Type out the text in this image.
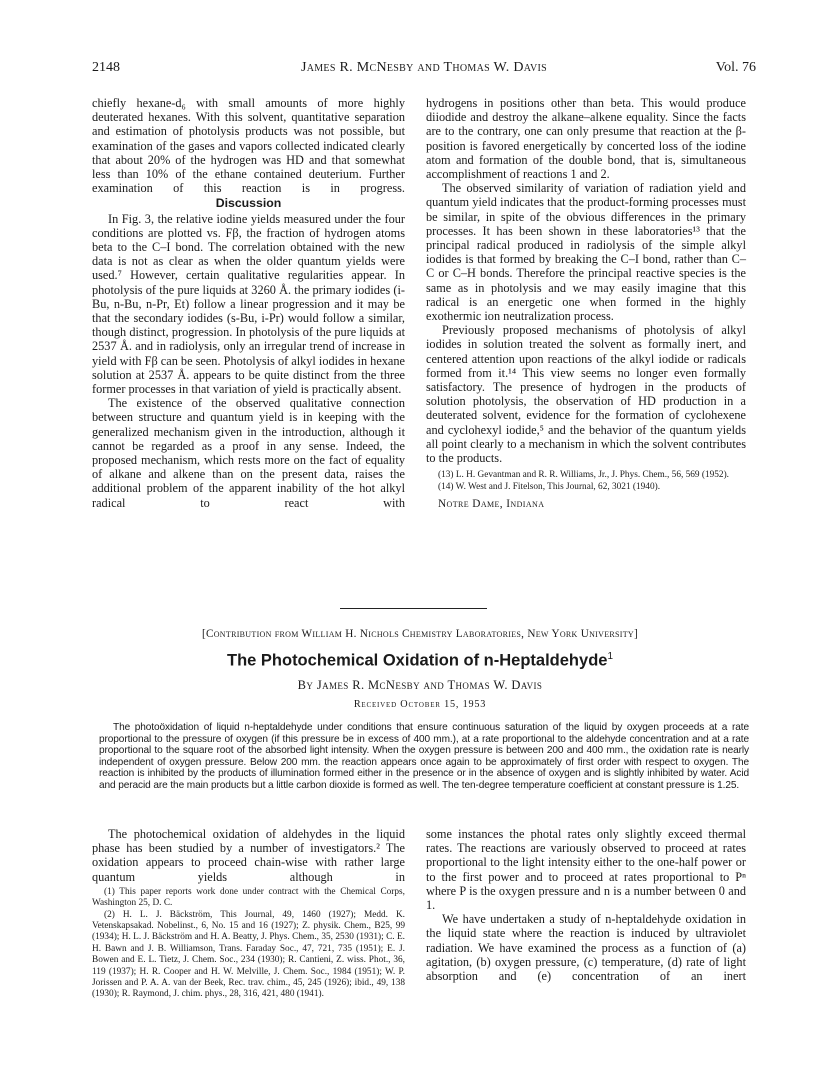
2148	James R. McNesby and Thomas W. Davis	Vol. 76

chiefly hexane-d₆ with small amounts of more highly deuterated hexanes. With this solvent, quantitative separation and estimation of photolysis products was not possible, but examination of the gases and vapors collected indicated clearly that about 20% of the hydrogen was HD and that somewhat less than 10% of the ethane contained deuterium. Further examination of this reaction is in progress.

Discussion

In Fig. 3, the relative iodine yields measured under the four conditions are plotted vs. Fβ, the fraction of hydrogen atoms beta to the C–I bond. The correlation obtained with the new data is not as clear as when the older quantum yields were used.⁷ However, certain qualitative regularities appear. In photolysis of the pure liquids at 3260 Å. the primary iodides (i-Bu, n-Bu, n-Pr, Et) follow a linear progression and it may be that the secondary iodides (s-Bu, i-Pr) would follow a similar, though distinct, progression. In photolysis of the pure liquids at 2537 Å. and in radiolysis, only an irregular trend of increase in yield with Fβ can be seen. Photolysis of alkyl iodides in hexane solution at 2537 Å. appears to be quite distinct from the three former processes in that variation of yield is practically absent.

The existence of the observed qualitative connection between structure and quantum yield is in keeping with the generalized mechanism given in the introduction, although it cannot be regarded as a proof in any sense. Indeed, the proposed mechanism, which rests more on the fact of equality of alkane and alkene than on the present data, raises the additional problem of the apparent inability of the hot alkyl radical to react with

hydrogens in positions other than beta. This would produce diiodide and destroy the alkane–alkene equality. Since the facts are to the contrary, one can only presume that reaction at the β-position is favored energetically by concerted loss of the iodine atom and formation of the double bond, that is, simultaneous accomplishment of reactions 1 and 2.

The observed similarity of variation of radiation yield and quantum yield indicates that the product-forming processes must be similar, in spite of the obvious differences in the primary processes. It has been shown in these laboratories¹³ that the principal radical produced in radiolysis of the simple alkyl iodides is that formed by breaking the C–I bond, rather than C–C or C–H bonds. Therefore the principal reactive species is the same as in photolysis and we may easily imagine that this radical is an energetic one when formed in the highly exothermic ion neutralization process.

Previously proposed mechanisms of photolysis of alkyl iodides in solution treated the solvent as formally inert, and centered attention upon reactions of the alkyl iodide or radicals formed from it.¹⁴ This view seems no longer even formally satisfactory. The presence of hydrogen in the products of solution photolysis, the observation of HD production in a deuterated solvent, evidence for the formation of cyclohexene and cyclohexyl iodide,⁵ and the behavior of the quantum yields all point clearly to a mechanism in which the solvent contributes to the products.

(13) L. H. Gevantman and R. R. Williams, Jr., J. Phys. Chem., 56, 569 (1952).

(14) W. West and J. Fitelson, This Journal, 62, 3021 (1940).

Notre Dame, Indiana

[Contribution from William H. Nichols Chemistry Laboratories, New York University]
The Photochemical Oxidation of n-Heptaldehyde$^1$
By James R. McNesby and Thomas W. Davis
Received October 15, 1953

The photoöxidation of liquid n-heptaldehyde under conditions that ensure continuous saturation of the liquid by oxygen proceeds at a rate proportional to the pressure of oxygen (if this pressure be in excess of 400 mm.), at a rate proportional to the aldehyde concentration and at a rate proportional to the square root of the absorbed light intensity. When the oxygen pressure is between 200 and 400 mm., the oxidation rate is nearly independent of oxygen pressure. Below 200 mm. the reaction appears once again to be approximately of first order with respect to oxygen. The reaction is inhibited by the products of illumination formed either in the presence or in the absence of oxygen and is slightly inhibited by water. Acid and peracid are the main products but a little carbon dioxide is formed as well. The ten-degree temperature coefficient at constant pressure is 1.25.

The photochemical oxidation of aldehydes in the liquid phase has been studied by a number of investigators.² The oxidation appears to proceed chain-wise with rather large quantum yields although in

(1) This paper reports work done under contract with the Chemical Corps, Washington 25, D. C.

(2) H. L. J. Bäckström, This Journal, 49, 1460 (1927); Medd. K. Vetenskapsakad. Nobelinst., 6, No. 15 and 16 (1927); Z. physik. Chem., B25, 99 (1934); H. L. J. Bäckström and H. A. Beatty, J. Phys. Chem., 35, 2530 (1931); C. E. H. Bawn and J. B. Williamson, Trans. Faraday Soc., 47, 721, 735 (1951); E. J. Bowen and E. L. Tietz, J. Chem. Soc., 234 (1930); R. Cantieni, Z. wiss. Phot., 36, 119 (1937); H. R. Cooper and H. W. Melville, J. Chem. Soc., 1984 (1951); W. P. Jorissen and P. A. A. van der Beek, Rec. trav. chim., 45, 245 (1926); ibid., 49, 138 (1930); R. Raymond, J. chim. phys., 28, 316, 421, 480 (1941).

some instances the photal rates only slightly exceed thermal rates. The reactions are variously observed to proceed at rates proportional to the light intensity either to the one-half power or to the first power and to proceed at rates proportional to Pⁿ where P is the oxygen pressure and n is a number between 0 and 1.

We have undertaken a study of n-heptaldehyde oxidation in the liquid state where the reaction is induced by ultraviolet radiation. We have examined the process as a function of (a) agitation, (b) oxygen pressure, (c) temperature, (d) rate of light absorption and (e) concentration of an inert
